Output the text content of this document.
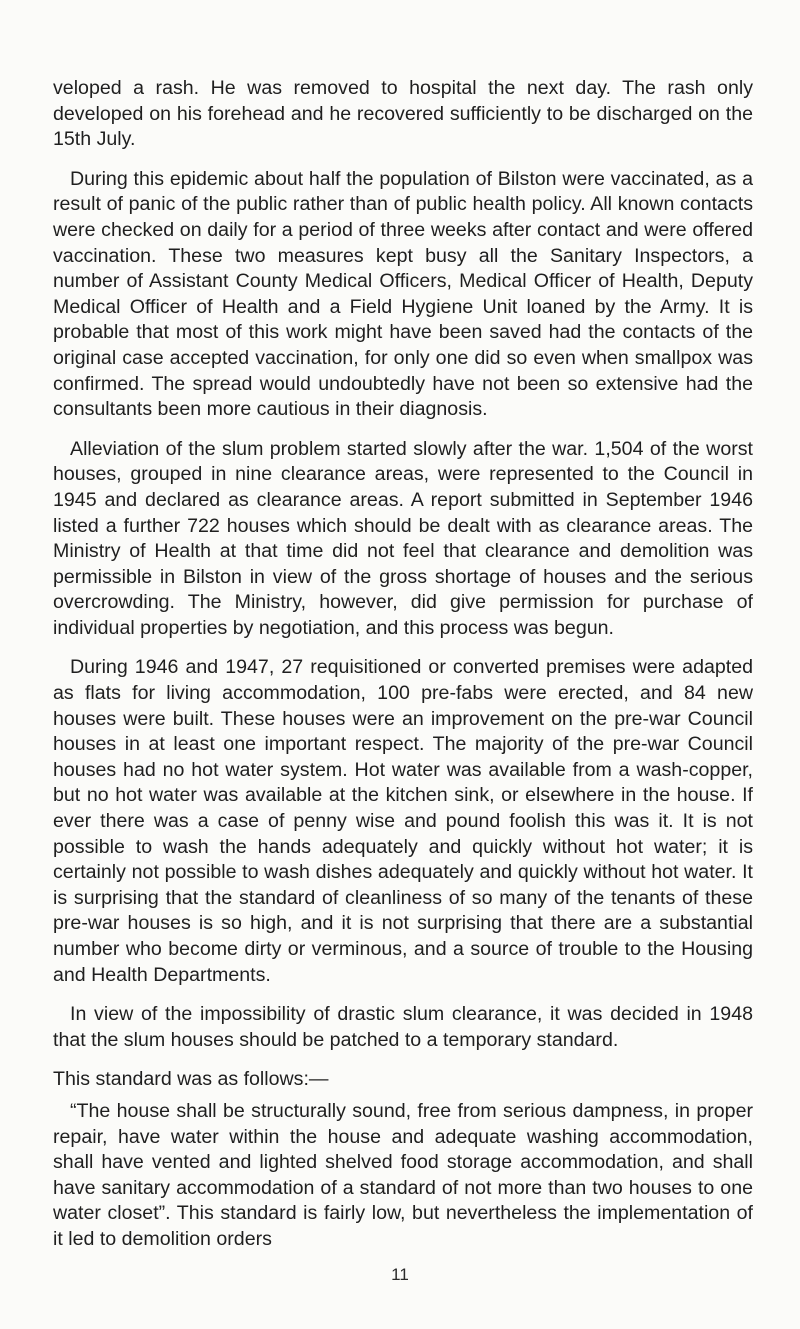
veloped a rash. He was removed to hospital the next day. The rash only developed on his forehead and he recovered sufficiently to be discharged on the 15th July.

During this epidemic about half the population of Bilston were vaccinated, as a result of panic of the public rather than of public health policy. All known contacts were checked on daily for a period of three weeks after contact and were offered vaccination. These two measures kept busy all the Sanitary Inspectors, a number of Assistant County Medical Officers, Medical Officer of Health, Deputy Medical Officer of Health and a Field Hygiene Unit loaned by the Army. It is probable that most of this work might have been saved had the contacts of the original case accepted vaccination, for only one did so even when smallpox was confirmed. The spread would undoubtedly have not been so extensive had the consultants been more cautious in their diagnosis.

Alleviation of the slum problem started slowly after the war. 1,504 of the worst houses, grouped in nine clearance areas, were represented to the Council in 1945 and declared as clearance areas. A report submitted in September 1946 listed a further 722 houses which should be dealt with as clearance areas. The Ministry of Health at that time did not feel that clearance and demolition was permissible in Bilston in view of the gross shortage of houses and the serious overcrowding. The Ministry, however, did give permission for purchase of individual properties by negotiation, and this process was begun.

During 1946 and 1947, 27 requisitioned or converted premises were adapted as flats for living accommodation, 100 pre-fabs were erected, and 84 new houses were built. These houses were an improvement on the pre-war Council houses in at least one important respect. The majority of the pre-war Council houses had no hot water system. Hot water was available from a wash-copper, but no hot water was available at the kitchen sink, or elsewhere in the house. If ever there was a case of penny wise and pound foolish this was it. It is not possible to wash the hands adequately and quickly without hot water; it is certainly not possible to wash dishes adequately and quickly without hot water. It is surprising that the standard of cleanliness of so many of the tenants of these pre-war houses is so high, and it is not surprising that there are a substantial number who become dirty or verminous, and a source of trouble to the Housing and Health Departments.

In view of the impossibility of drastic slum clearance, it was decided in 1948 that the slum houses should be patched to a temporary standard.

This standard was as follows:—

“The house shall be structurally sound, free from serious dampness, in proper repair, have water within the house and adequate washing accommodation, shall have vented and lighted shelved food storage accommodation, and shall have sanitary accommodation of a standard of not more than two houses to one water closet”. This standard is fairly low, but nevertheless the implementation of it led to demolition orders

11
